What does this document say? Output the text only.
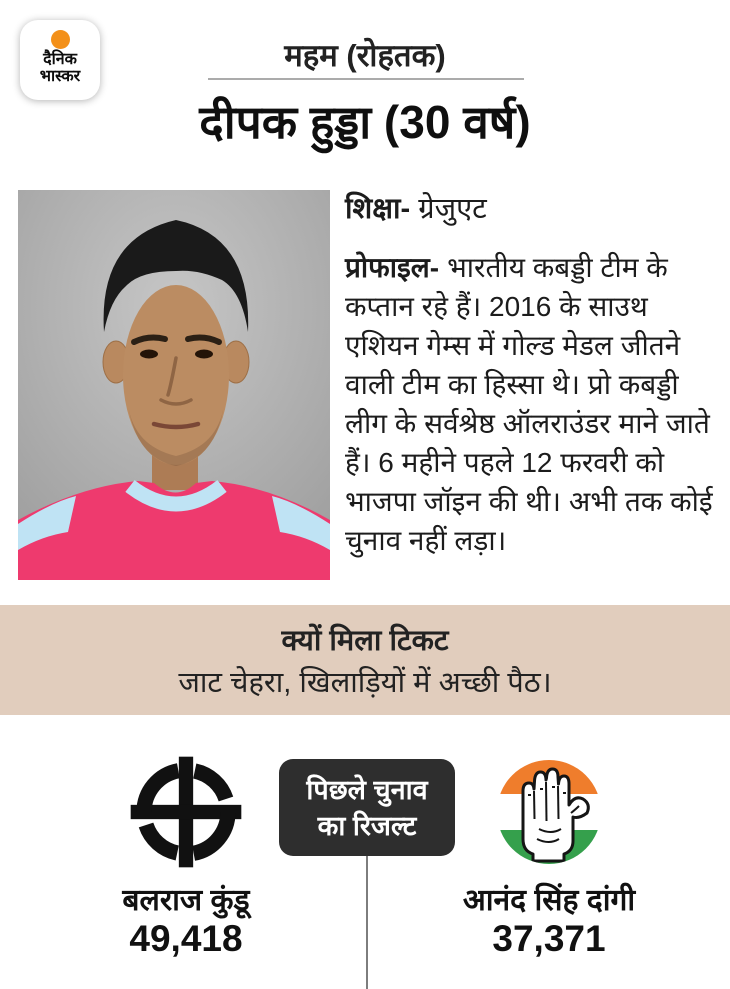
दैनिक
भास्कर
महम (रोहतक)
दीपक हुड्डा (30 वर्ष)
शिक्षा- ग्रेजुएट
प्रोफाइल- भारतीय कबड्डी टीम के कप्तान रहे हैं। 2016 के साउथ एशियन गेम्स में गोल्ड मेडल जीतने वाली टीम का हिस्सा थे। प्रो कबड्डी लीग के सर्वश्रेष्ठ ऑलराउंडर माने जाते हैं। 6 महीने पहले 12 फरवरी को भाजपा जॉइन की थी। अभी तक कोई चुनाव नहीं लड़ा।
क्यों मिला टिकट
जाट चेहरा, खिलाड़ियों में अच्छी पैठ।
पिछले चुनाव
का रिजल्ट
बलराज कुंडू
49,418
आनंद सिंह दांगी
37,371
